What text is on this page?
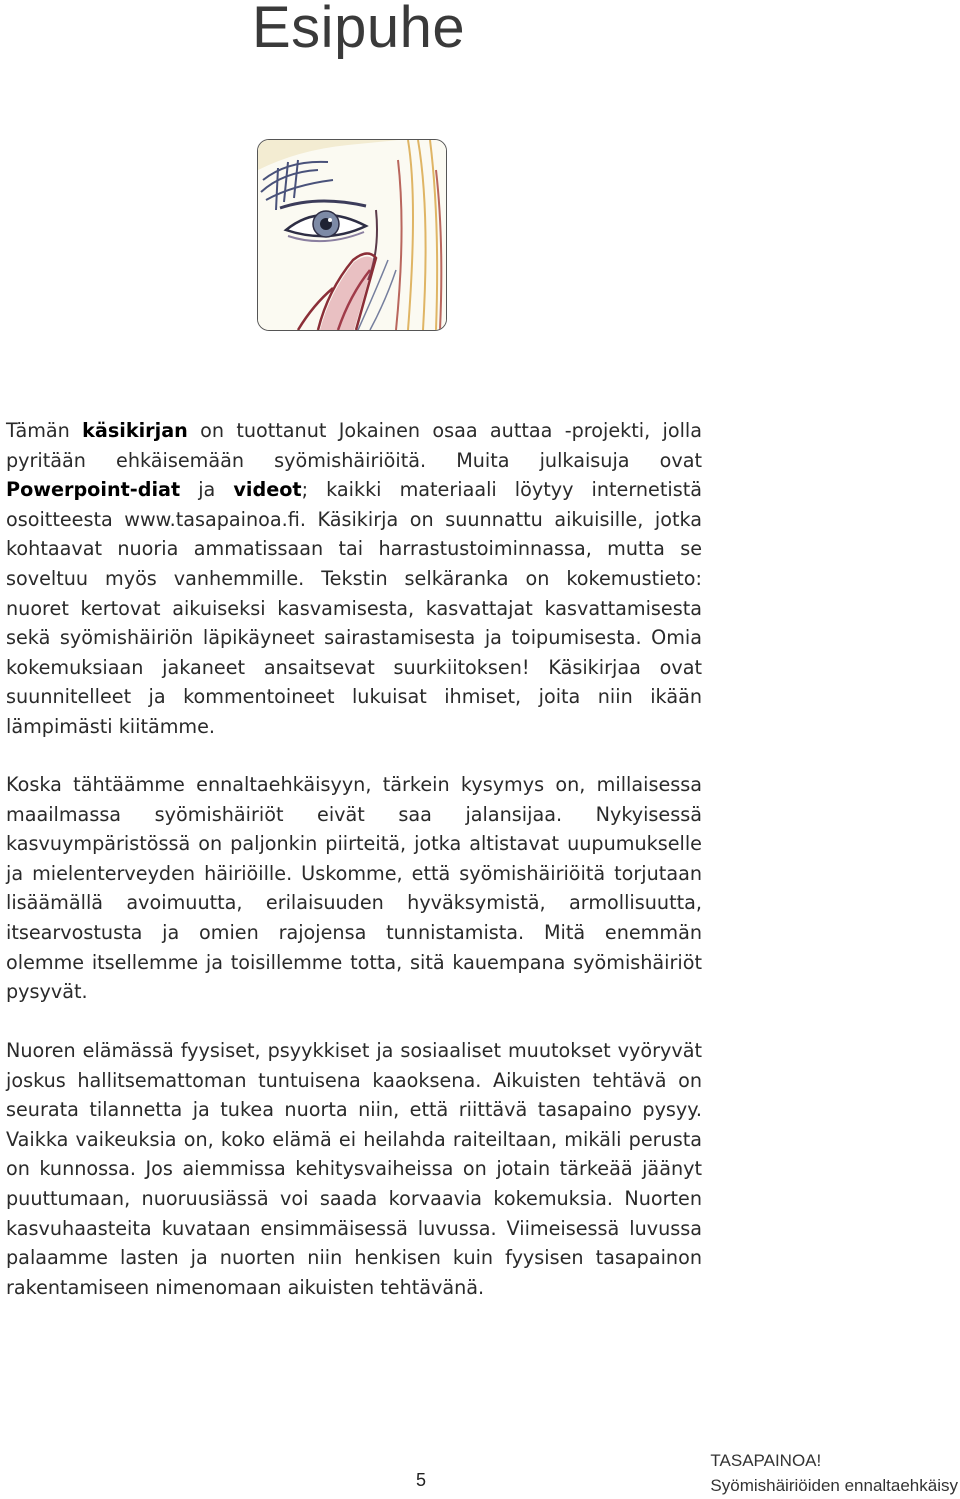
Esipuhe

Tämän käsikirjan on tuottanut Jokainen osaa auttaa -projekti, jolla pyritään ehkäisemään syömishäiriöitä. Muita julkaisuja ovat Powerpoint-diat ja videot; kaikki materiaali löytyy internetistä osoitteesta www.tasapainoa.fi. Käsikirja on suunnattu aikuisille, jotka kohtaavat nuoria ammatissaan tai harrastustoiminnassa, mutta se soveltuu myös vanhemmille. Tekstin selkäranka on kokemustieto: nuoret kertovat aikuiseksi kasvamisesta, kasvattajat kasvattamisesta sekä syömishäiriön läpikäyneet sairastamisesta ja toipumisesta. Omia kokemuksiaan jakaneet ansaitsevat suurkiitoksen! Käsikirjaa ovat suunnitelleet ja kommentoineet lukuisat ihmiset, joita niin ikään lämpimästi kiitämme.

Koska tähtäämme ennaltaehkäisyyn, tärkein kysymys on, millaisessa maailmassa syömishäiriöt eivät saa jalansijaa. Nykyisessä kasvuympäristössä on paljonkin piirteitä, jotka altistavat uupumukselle ja mielenterveyden häiriöille. Uskomme, että syömishäiriöitä torjutaan lisäämällä avoimuutta, erilaisuuden hyväksymistä, armollisuutta, itsearvostusta ja omien rajojensa tunnistamista. Mitä enemmän olemme itsellemme ja toisillemme totta, sitä kauempana syömishäiriöt pysyvät.

Nuoren elämässä fyysiset, psyykkiset ja sosiaaliset muutokset vyöryvät joskus hallitsemattoman tuntuisena kaaoksena. Aikuisten tehtävä on seurata tilannetta ja tukea nuorta niin, että riittävä tasapaino pysyy. Vaikka vaikeuksia on, koko elämä ei heilahda raiteiltaan, mikäli perusta on kunnossa. Jos aiemmissa kehitysvaiheissa on jotain tärkeää jäänyt puuttumaan, nuoruusiässä voi saada korvaavia kokemuksia. Nuorten kasvuhaasteita kuvataan ensimmäisessä luvussa. Viimeisessä luvussa palaamme lasten ja nuorten niin henkisen kuin fyysisen tasapainon rakentamiseen nimenomaan aikuisten tehtävänä.

5
TASAPAINOA!
Syömishäiriöiden ennaltaehkäisy
